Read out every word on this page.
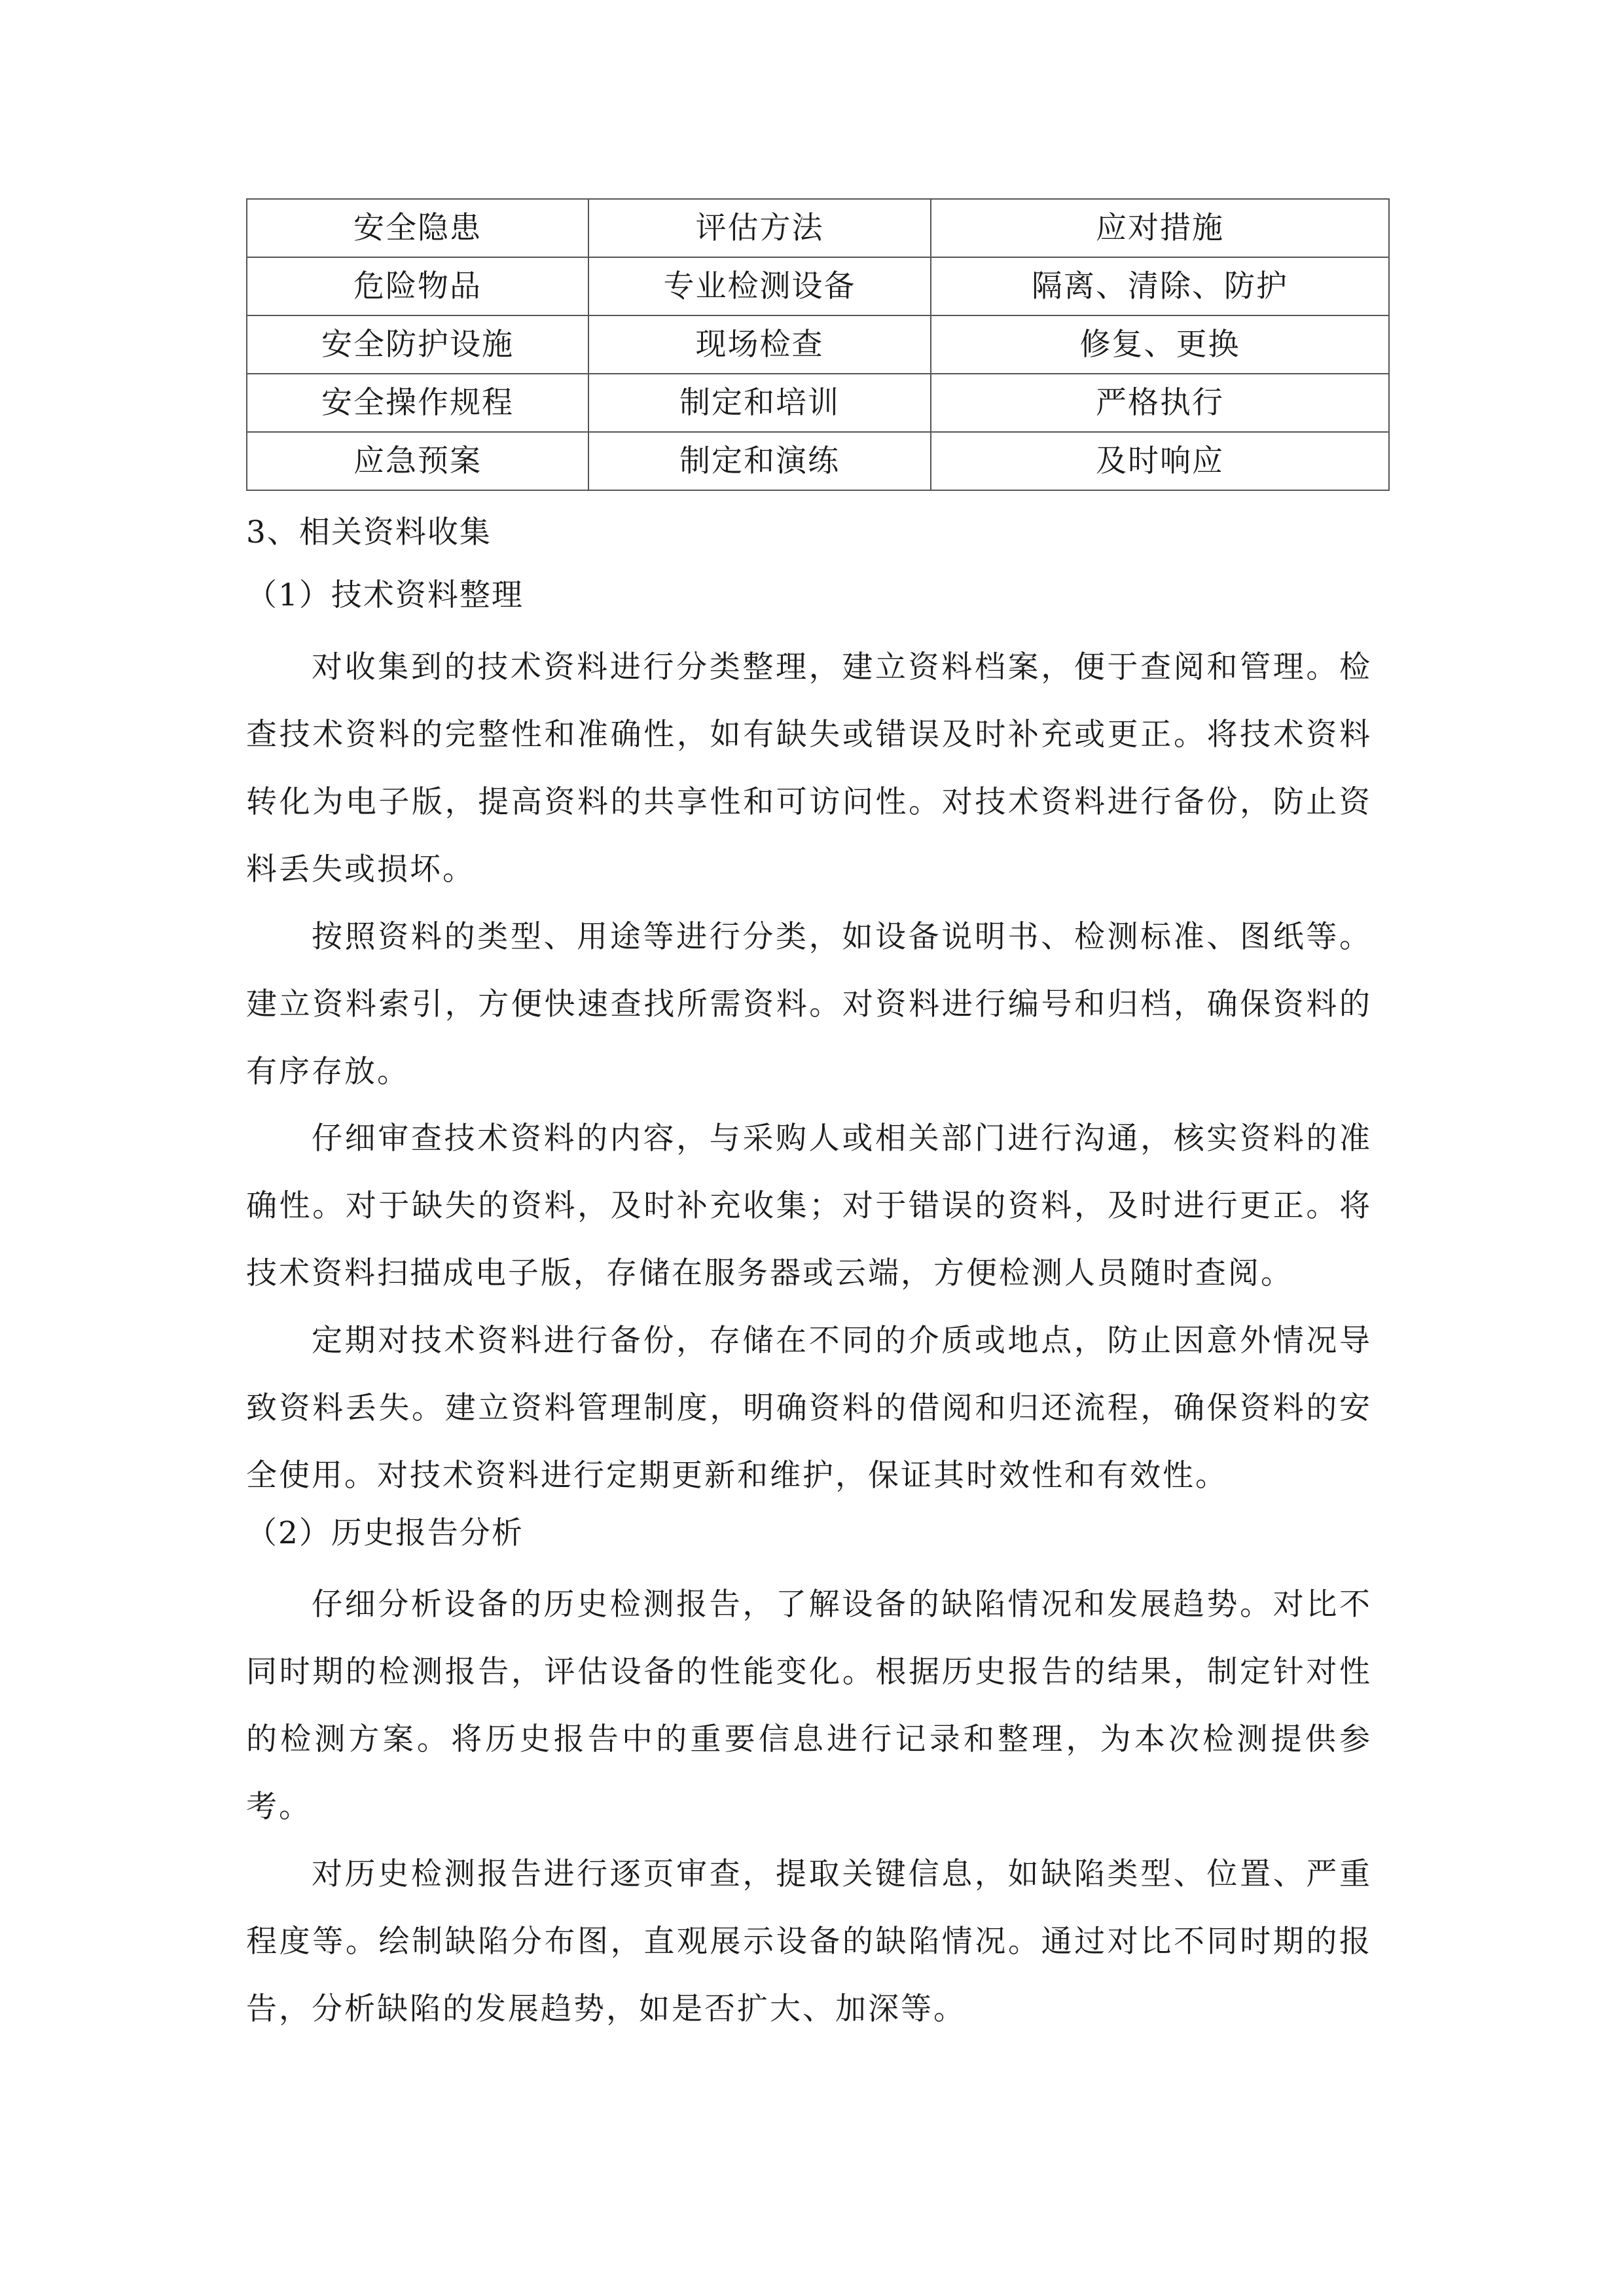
安全隐患	评估方法	应对措施
危险物品	专业检测设备	隔离、清除、防护
安全防护设施	现场检查	修复、更换
安全操作规程	制定和培训	严格执行
应急预案	制定和演练	及时响应
3、相关资料收集
（1）技术资料整理

对收集到的技术资料进行分类整理，建立资料档案，便于查阅和管理。检查技术资料的完整性和准确性，如有缺失或错误及时补充或更正。将技术资料转化为电子版，提高资料的共享性和可访问性。对技术资料进行备份，防止资料丢失或损坏。

按照资料的类型、用途等进行分类，如设备说明书、检测标准、图纸等。建立资料索引，方便快速查找所需资料。对资料进行编号和归档，确保资料的有序存放。

仔细审查技术资料的内容，与采购人或相关部门进行沟通，核实资料的准确性。对于缺失的资料，及时补充收集；对于错误的资料，及时进行更正。将技术资料扫描成电子版，存储在服务器或云端，方便检测人员随时查阅。

定期对技术资料进行备份，存储在不同的介质或地点，防止因意外情况导致资料丢失。建立资料管理制度，明确资料的借阅和归还流程，确保资料的安全使用。对技术资料进行定期更新和维护，保证其时效性和有效性。

（2）历史报告分析

仔细分析设备的历史检测报告，了解设备的缺陷情况和发展趋势。对比不同时期的检测报告，评估设备的性能变化。根据历史报告的结果，制定针对性的检测方案。将历史报告中的重要信息进行记录和整理，为本次检测提供参考。

对历史检测报告进行逐页审查，提取关键信息，如缺陷类型、位置、严重程度等。绘制缺陷分布图，直观展示设备的缺陷情况。通过对比不同时期的报告，分析缺陷的发展趋势，如是否扩大、加深等。
